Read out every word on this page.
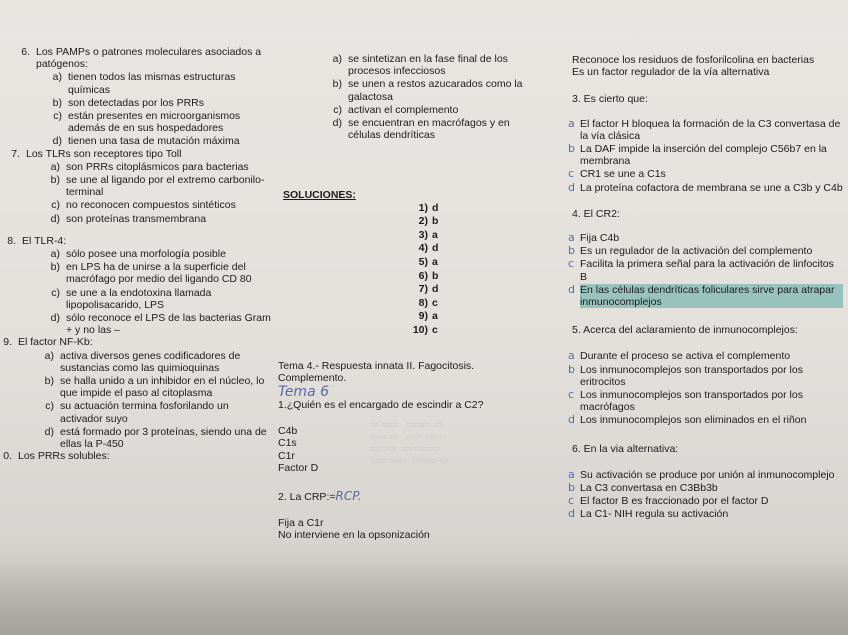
▭ ▭▭   ▭▭▭ ▭
▭▭ ▭   ▭▭ ▭▭
▭▭▭   ▭ ▭▭▭
▭▭ ▭▭  ▭▭▭ ▭
6. Los PAMPs o patrones moleculares asociados a patógenos:
a) tienen todos las mismas estructuras químicas
b) son detectadas por los PRRs
c) están presentes en microorganismos además de en sus hospedadores
d) tienen una tasa de mutación máxima
7. Los TLRs son receptores tipo Toll
a) son PRRs citoplásmicos para bacterias
b) se une al ligando por el extremo carbonilo-terminal
c) no reconocen compuestos sintéticos
d) son proteínas transmembrana
8. El TLR-4:
a) sólo posee una morfología posible
b) en LPS ha de unirse a la superficie del macrófago por medio del ligando CD 80
c) se une a la endotoxina llamada lipopolisacarido, LPS
d) sólo reconoce el LPS de las bacterias Gram + y no las –
9. El factor NF-Kb:
a) activa diversos genes codificadores de sustancias como las quimioquinas
b) se halla unido a un inhibidor en el núcleo, lo que impide el paso al citoplasma
c) su actuación termina fosforilando un activador suyo
d) está formado por 3 proteínas, siendo una de ellas la P-450
0. Los PRRs solubles:
a) se sintetizan en la fase final de los procesos infecciosos
b) se unen a restos azucarados como la galactosa
c) activan el complemento
d) se encuentran en macrófagos y en células dendríticas
SOLUCIONES:
1) d
2) b
3) a
4) d
5) a
6) b
7) d
8) c
9) a
10) c
Tema 4.- Respuesta innata II. Fagocitosis. Complemento.
Tema 6
1.¿Quién es el encargado de escindir a C2?
C4b
C1s
C1r
Factor D
2. La CRP:=RCP.
Fija a C1r
No interviene en la opsonización
Reconoce los residuos de fosforilcolina en bacterias
Es un factor regulador de la vía alternativa
3. Es cierto que:
a El factor H bloquea la formación de la C3 convertasa de la vía clásica
b La DAF impide la inserción del complejo C56b7 en la membrana
c CR1 se une a C1s
d La proteína cofactora de membrana se une a C3b y C4b
4. El CR2:
a Fija C4b
b Es un regulador de la activación del complemento
c Facilita la primera señal para la activación de linfocitos B
d En las células dendríticas foliculares sirve para atrapar inmunocomplejos
5. Acerca del aclaramiento de inmunocomplejos:
a Durante el proceso se activa el complemento
b Los inmunocomplejos son transportados por los eritrocitos
c Los inmunocomplejos son transportados por los macrófagos
d Los inmunocomplejos son eliminados en el riñon
6. En la via alternativa:
a Su activación se produce por unión al inmunocomplejo
b La C3 convertasa en C3Bb3b
c El factor B es fraccionado por el factor D
d La C1- NIH regula su activación
